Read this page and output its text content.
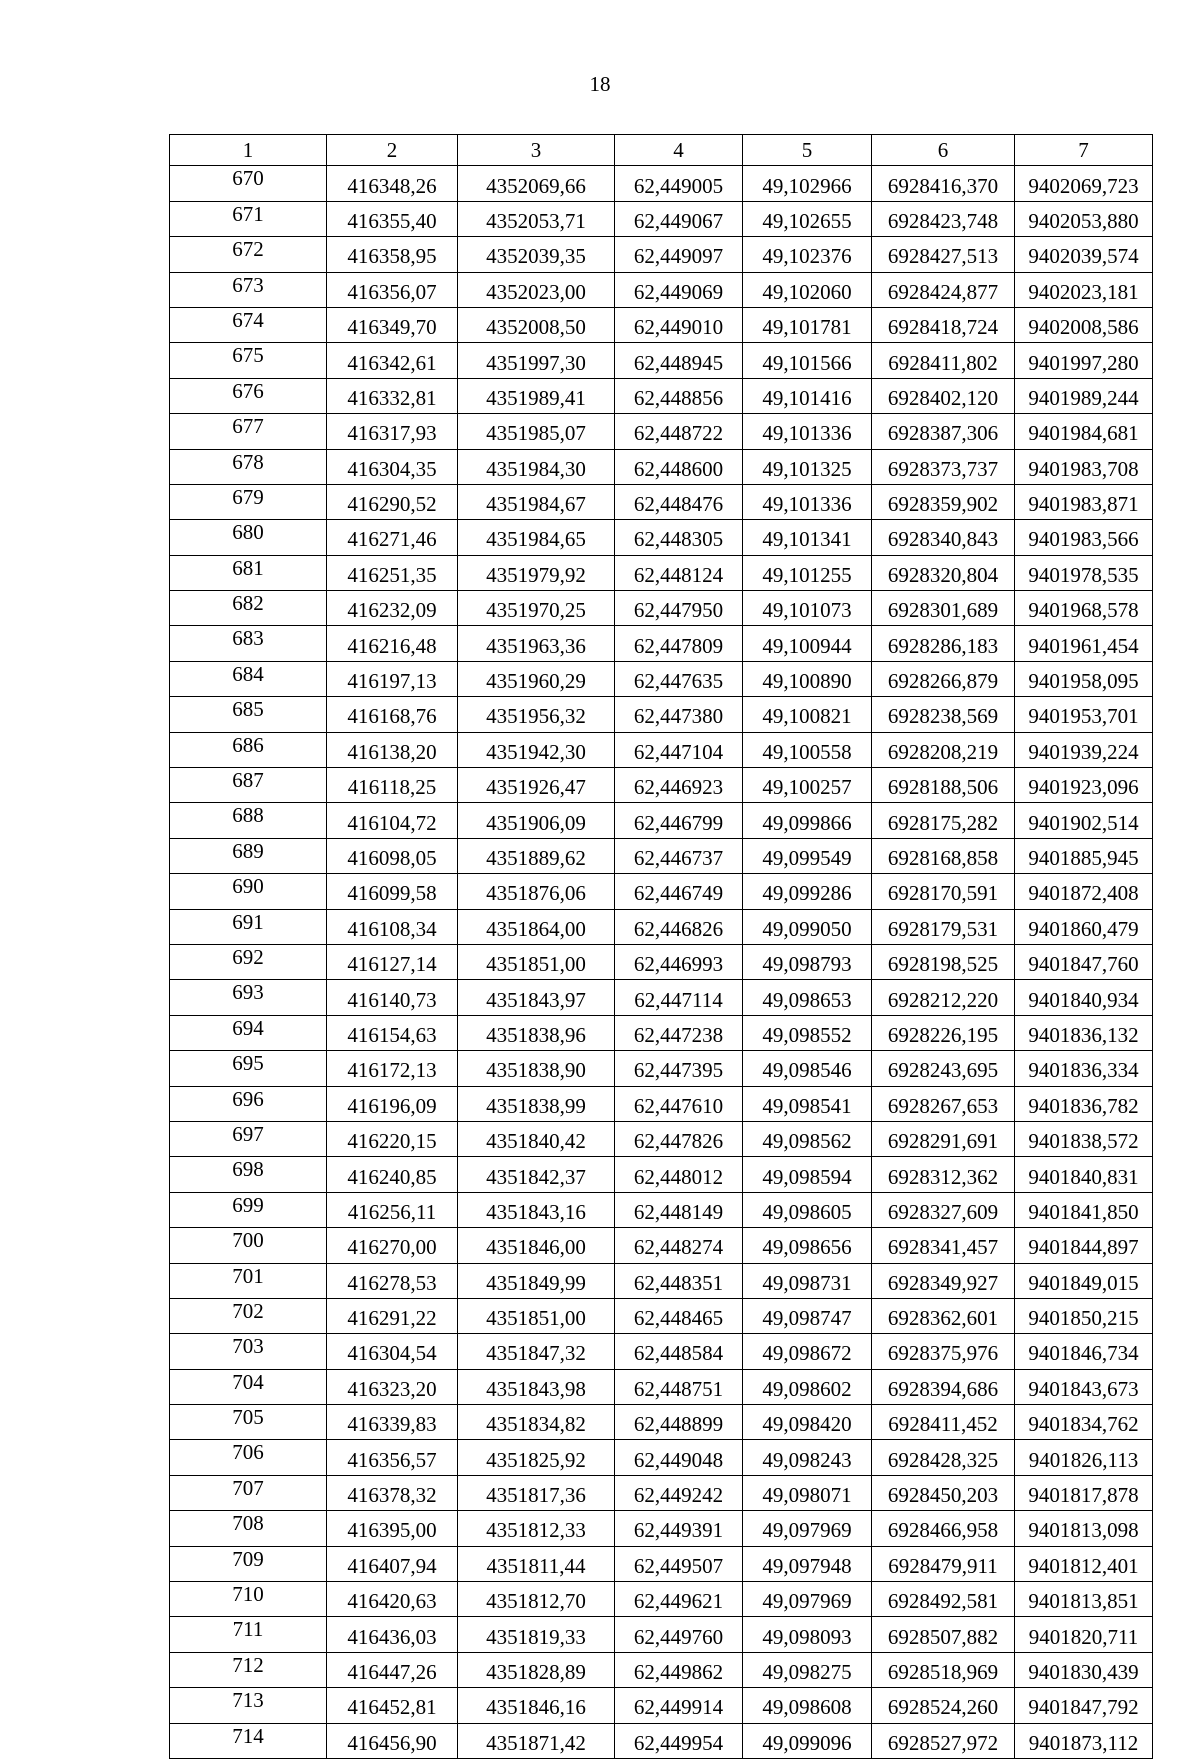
18
1	2	3	4	5	6	7
670	416348,26	4352069,66	62,449005	49,102966	6928416,370	9402069,723
671	416355,40	4352053,71	62,449067	49,102655	6928423,748	9402053,880
672	416358,95	4352039,35	62,449097	49,102376	6928427,513	9402039,574
673	416356,07	4352023,00	62,449069	49,102060	6928424,877	9402023,181
674	416349,70	4352008,50	62,449010	49,101781	6928418,724	9402008,586
675	416342,61	4351997,30	62,448945	49,101566	6928411,802	9401997,280
676	416332,81	4351989,41	62,448856	49,101416	6928402,120	9401989,244
677	416317,93	4351985,07	62,448722	49,101336	6928387,306	9401984,681
678	416304,35	4351984,30	62,448600	49,101325	6928373,737	9401983,708
679	416290,52	4351984,67	62,448476	49,101336	6928359,902	9401983,871
680	416271,46	4351984,65	62,448305	49,101341	6928340,843	9401983,566
681	416251,35	4351979,92	62,448124	49,101255	6928320,804	9401978,535
682	416232,09	4351970,25	62,447950	49,101073	6928301,689	9401968,578
683	416216,48	4351963,36	62,447809	49,100944	6928286,183	9401961,454
684	416197,13	4351960,29	62,447635	49,100890	6928266,879	9401958,095
685	416168,76	4351956,32	62,447380	49,100821	6928238,569	9401953,701
686	416138,20	4351942,30	62,447104	49,100558	6928208,219	9401939,224
687	416118,25	4351926,47	62,446923	49,100257	6928188,506	9401923,096
688	416104,72	4351906,09	62,446799	49,099866	6928175,282	9401902,514
689	416098,05	4351889,62	62,446737	49,099549	6928168,858	9401885,945
690	416099,58	4351876,06	62,446749	49,099286	6928170,591	9401872,408
691	416108,34	4351864,00	62,446826	49,099050	6928179,531	9401860,479
692	416127,14	4351851,00	62,446993	49,098793	6928198,525	9401847,760
693	416140,73	4351843,97	62,447114	49,098653	6928212,220	9401840,934
694	416154,63	4351838,96	62,447238	49,098552	6928226,195	9401836,132
695	416172,13	4351838,90	62,447395	49,098546	6928243,695	9401836,334
696	416196,09	4351838,99	62,447610	49,098541	6928267,653	9401836,782
697	416220,15	4351840,42	62,447826	49,098562	6928291,691	9401838,572
698	416240,85	4351842,37	62,448012	49,098594	6928312,362	9401840,831
699	416256,11	4351843,16	62,448149	49,098605	6928327,609	9401841,850
700	416270,00	4351846,00	62,448274	49,098656	6928341,457	9401844,897
701	416278,53	4351849,99	62,448351	49,098731	6928349,927	9401849,015
702	416291,22	4351851,00	62,448465	49,098747	6928362,601	9401850,215
703	416304,54	4351847,32	62,448584	49,098672	6928375,976	9401846,734
704	416323,20	4351843,98	62,448751	49,098602	6928394,686	9401843,673
705	416339,83	4351834,82	62,448899	49,098420	6928411,452	9401834,762
706	416356,57	4351825,92	62,449048	49,098243	6928428,325	9401826,113
707	416378,32	4351817,36	62,449242	49,098071	6928450,203	9401817,878
708	416395,00	4351812,33	62,449391	49,097969	6928466,958	9401813,098
709	416407,94	4351811,44	62,449507	49,097948	6928479,911	9401812,401
710	416420,63	4351812,70	62,449621	49,097969	6928492,581	9401813,851
711	416436,03	4351819,33	62,449760	49,098093	6928507,882	9401820,711
712	416447,26	4351828,89	62,449862	49,098275	6928518,969	9401830,439
713	416452,81	4351846,16	62,449914	49,098608	6928524,260	9401847,792
714	416456,90	4351871,42	62,449954	49,099096	6928527,972	9401873,112
